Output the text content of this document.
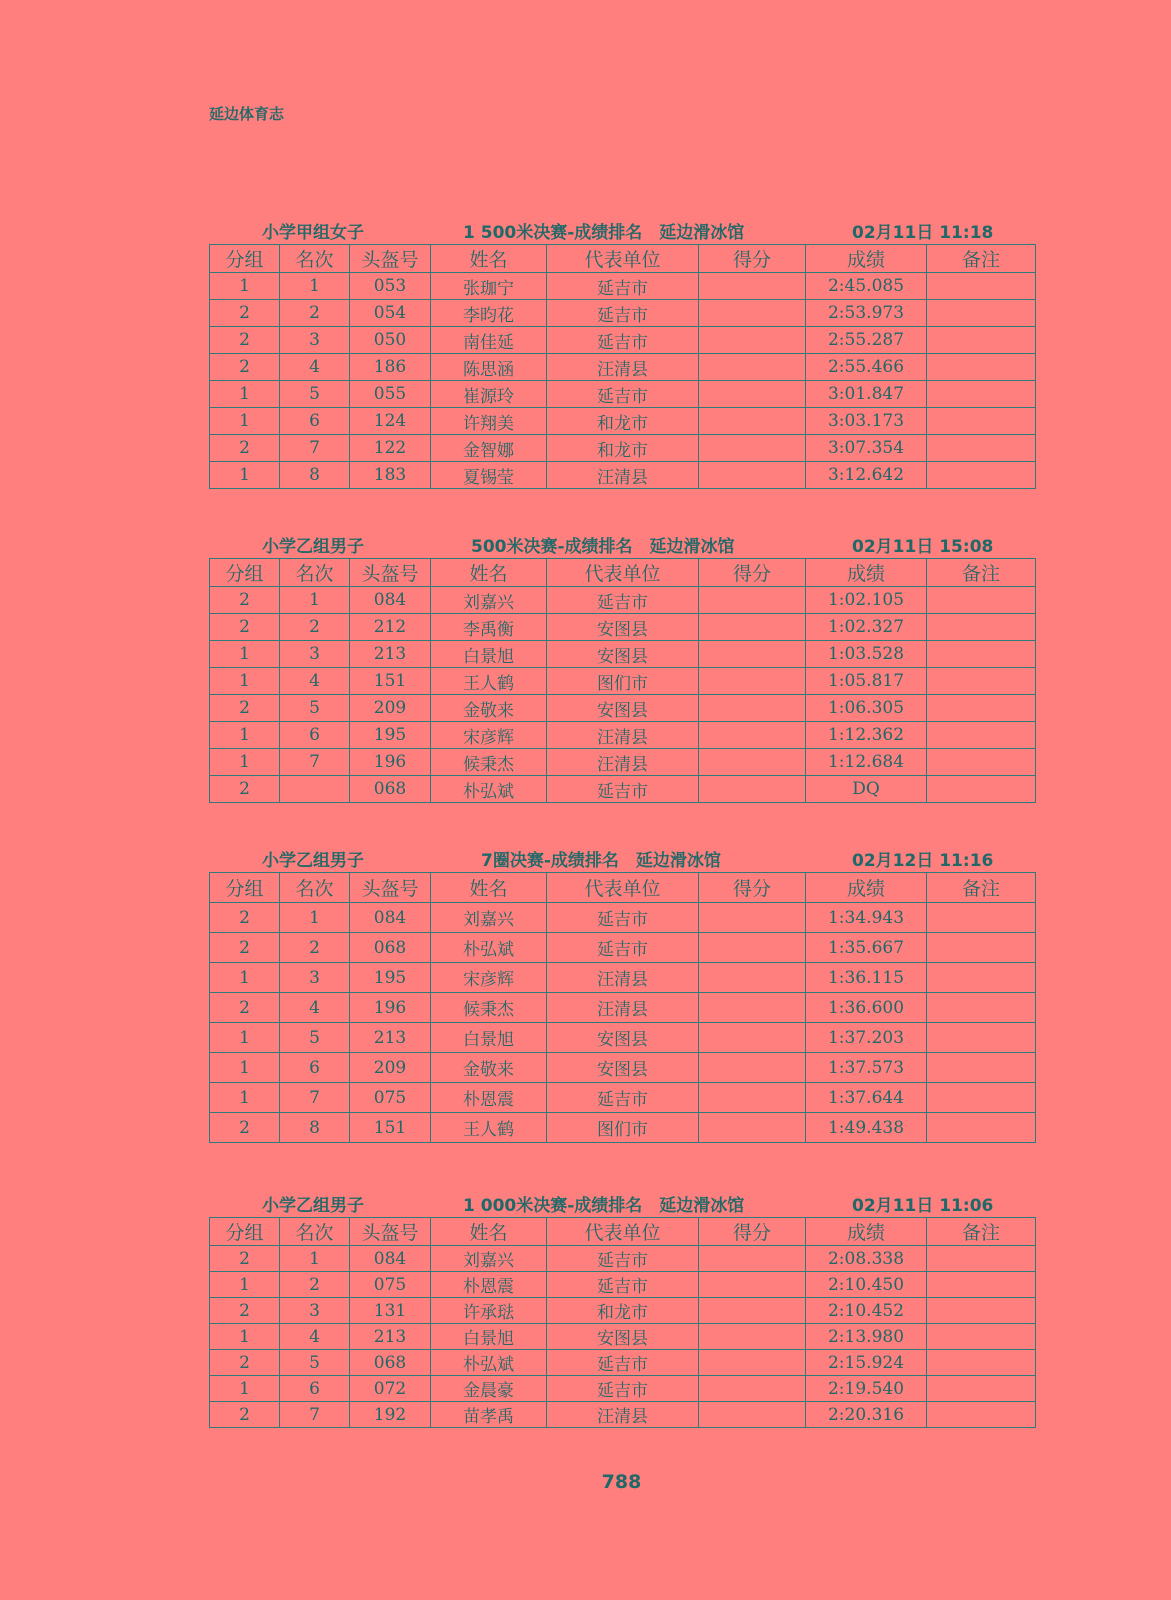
延边体育志
小学甲组女子	1 500米决赛-成绩排名　延边滑冰馆	02月11日 11:18
分组	名次	头盔号	姓名	代表单位	得分	成绩	备注
1	1	053	张珈宁	延吉市		2:45.085	
2	2	054	李昀花	延吉市		2:53.973	
2	3	050	南佳延	延吉市		2:55.287	
2	4	186	陈思涵	汪清县		2:55.466	
1	5	055	崔源玲	延吉市		3:01.847	
1	6	124	许翔美	和龙市		3:03.173	
2	7	122	金智娜	和龙市		3:07.354	
1	8	183	夏锡莹	汪清县		3:12.642	
小学乙组男子	500米决赛-成绩排名　延边滑冰馆	02月11日 15:08
分组	名次	头盔号	姓名	代表单位	得分	成绩	备注
2	1	084	刘嘉兴	延吉市		1:02.105	
2	2	212	李禹衡	安图县		1:02.327	
1	3	213	白景旭	安图县		1:03.528	
1	4	151	王人鹤	图们市		1:05.817	
2	5	209	金敬来	安图县		1:06.305	
1	6	195	宋彦辉	汪清县		1:12.362	
1	7	196	候秉杰	汪清县		1:12.684	
2		068	朴弘斌	延吉市		DQ	
小学乙组男子	7圈决赛-成绩排名　延边滑冰馆	02月12日 11:16
分组	名次	头盔号	姓名	代表单位	得分	成绩	备注
2	1	084	刘嘉兴	延吉市		1:34.943	
2	2	068	朴弘斌	延吉市		1:35.667	
1	3	195	宋彦辉	汪清县		1:36.115	
2	4	196	候秉杰	汪清县		1:36.600	
1	5	213	白景旭	安图县		1:37.203	
1	6	209	金敬来	安图县		1:37.573	
1	7	075	朴恩震	延吉市		1:37.644	
2	8	151	王人鹤	图们市		1:49.438	
小学乙组男子	1 000米决赛-成绩排名　延边滑冰馆	02月11日 11:06
分组	名次	头盔号	姓名	代表单位	得分	成绩	备注
2	1	084	刘嘉兴	延吉市		2:08.338	
1	2	075	朴恩震	延吉市		2:10.450	
2	3	131	许承琺	和龙市		2:10.452	
1	4	213	白景旭	安图县		2:13.980	
2	5	068	朴弘斌	延吉市		2:15.924	
1	6	072	金晨豪	延吉市		2:19.540	
2	7	192	苗孝禹	汪清县		2:20.316	
788
